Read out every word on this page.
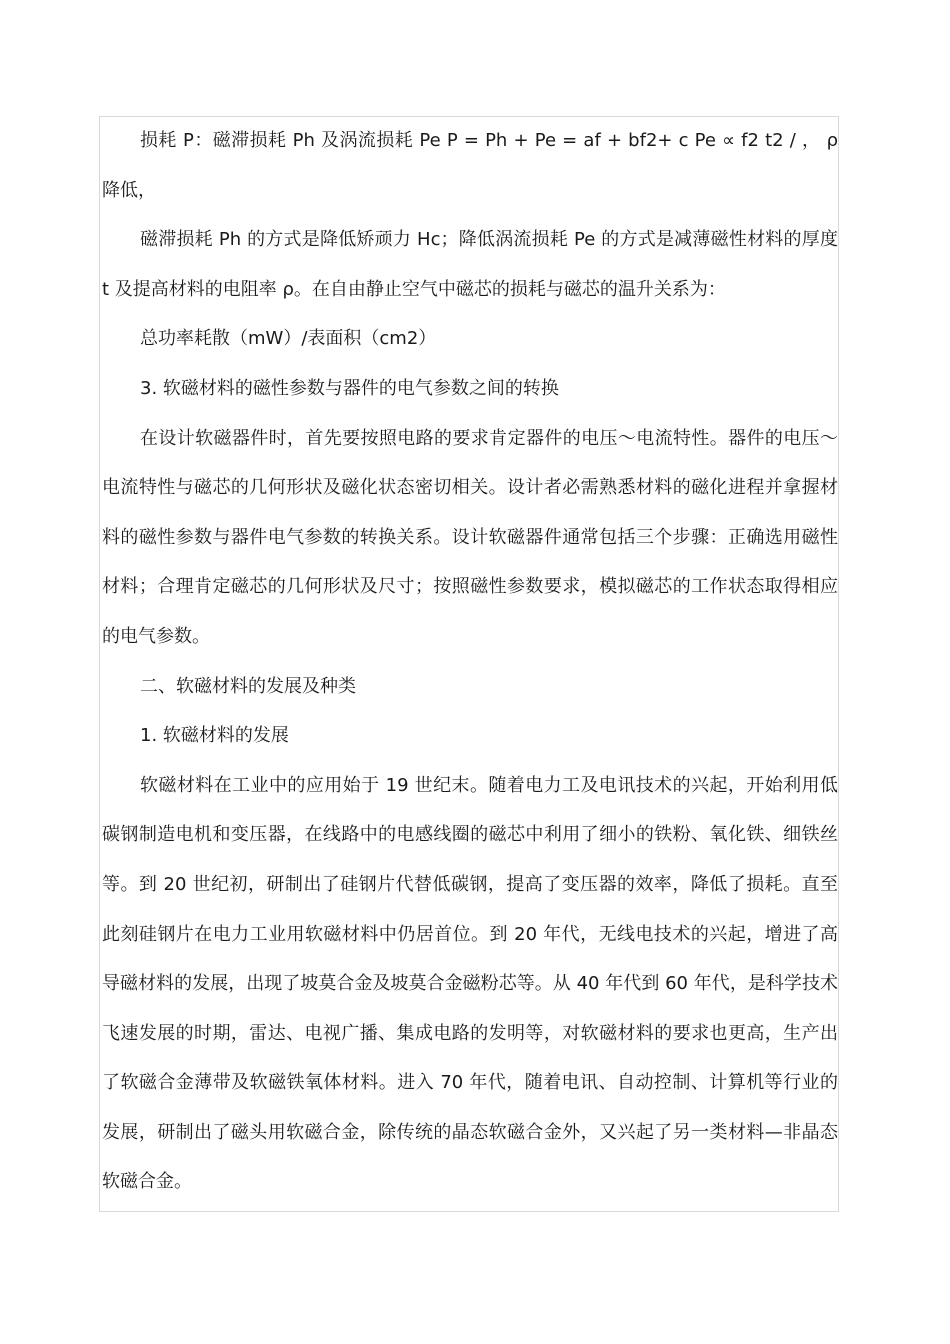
损耗 P：磁滞损耗 Ph 及涡流损耗 Pe P = Ph + Pe = af + bf2+ c Pe ∝ f2 t2 / ， ρ 降低，

磁滞损耗 Ph 的方式是降低矫顽力 Hc；降低涡流损耗 Pe 的方式是减薄磁性材料的厚度 t 及提高材料的电阻率 ρ。在自由静止空气中磁芯的损耗与磁芯的温升关系为：

总功率耗散（mW）/表面积（cm2）

3. 软磁材料的磁性参数与器件的电气参数之间的转换

在设计软磁器件时，首先要按照电路的要求肯定器件的电压～电流特性。器件的电压～电流特性与磁芯的几何形状及磁化状态密切相关。设计者必需熟悉材料的磁化进程并拿握材料的磁性参数与器件电气参数的转换关系。设计软磁器件通常包括三个步骤：正确选用磁性材料；合理肯定磁芯的几何形状及尺寸；按照磁性参数要求，模拟磁芯的工作状态取得相应的电气参数。

二、软磁材料的发展及种类

1. 软磁材料的发展

软磁材料在工业中的应用始于 19 世纪末。随着电力工及电讯技术的兴起，开始利用低碳钢制造电机和变压器，在线路中的电感线圈的磁芯中利用了细小的铁粉、氧化铁、细铁丝等。到 20 世纪初，研制出了硅钢片代替低碳钢，提高了变压器的效率，降低了损耗。直至此刻硅钢片在电力工业用软磁材料中仍居首位。到 20 年代，无线电技术的兴起，增进了高导磁材料的发展，出现了坡莫合金及坡莫合金磁粉芯等。从 40 年代到 60 年代，是科学技术飞速发展的时期，雷达、电视广播、集成电路的发明等，对软磁材料的要求也更高，生产出了软磁合金薄带及软磁铁氧体材料。进入 70 年代，随着电讯、自动控制、计算机等行业的发展，研制出了磁头用软磁合金，除传统的晶态软磁合金外，又兴起了另一类材料—非晶态软磁合金。
